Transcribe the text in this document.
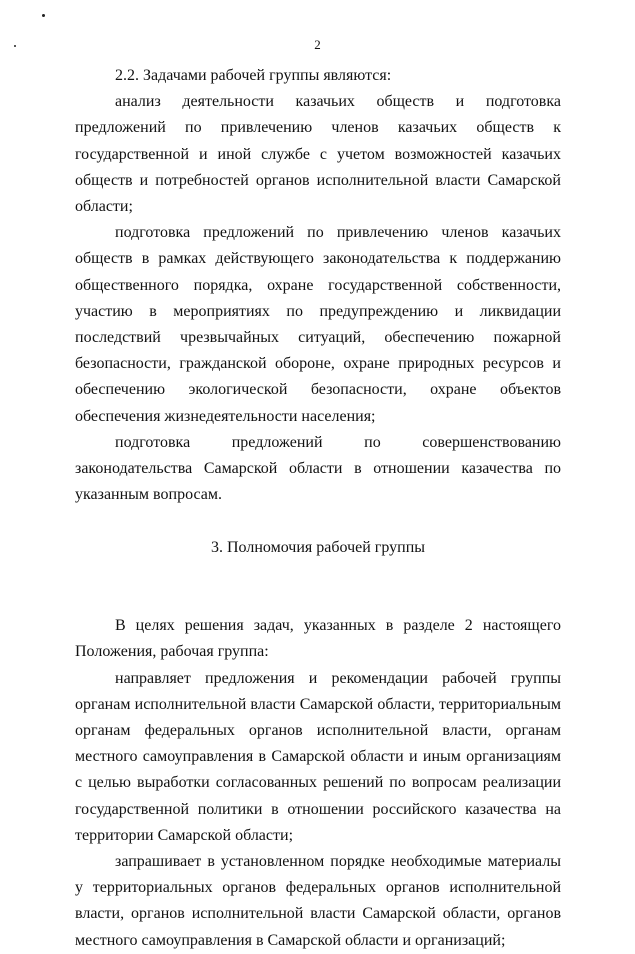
2

2.2. Задачами рабочей группы являются:

анализ деятельности казачьих обществ и подготовка предложений по привлечению членов казачьих обществ к государственной и иной службе с учетом возможностей казачьих обществ и потребностей органов исполнительной власти Самарской области;

подготовка предложений по привлечению членов казачьих обществ в рамках действующего законодательства к поддержанию общественного порядка, охране государственной собственности, участию в мероприятиях по предупреждению и ликвидации последствий чрезвычайных ситуаций, обеспечению пожарной безопасности, гражданской обороне, охране природных ресурсов и обеспечению экологической безопасности, охране объектов обеспечения жизнедеятельности населения;

подготовка предложений по совершенствованию законодательства Самарской области в отношении казачества по указанным вопросам.

3. Полномочия рабочей группы

В целях решения задач, указанных в разделе 2 настоящего Положения, рабочая группа:

направляет предложения и рекомендации рабочей группы органам исполнительной власти Самарской области, территориальным органам федеральных органов исполнительной власти, органам местного самоуправления в Самарской области и иным организациям с целью выработки согласованных решений по вопросам реализации государственной политики в отношении российского казачества на территории Самарской области;

запрашивает в установленном порядке необходимые материалы у территориальных органов федеральных органов исполнительной власти, органов исполнительной власти Самарской области, органов местного самоуправления в Самарской области и организаций;
